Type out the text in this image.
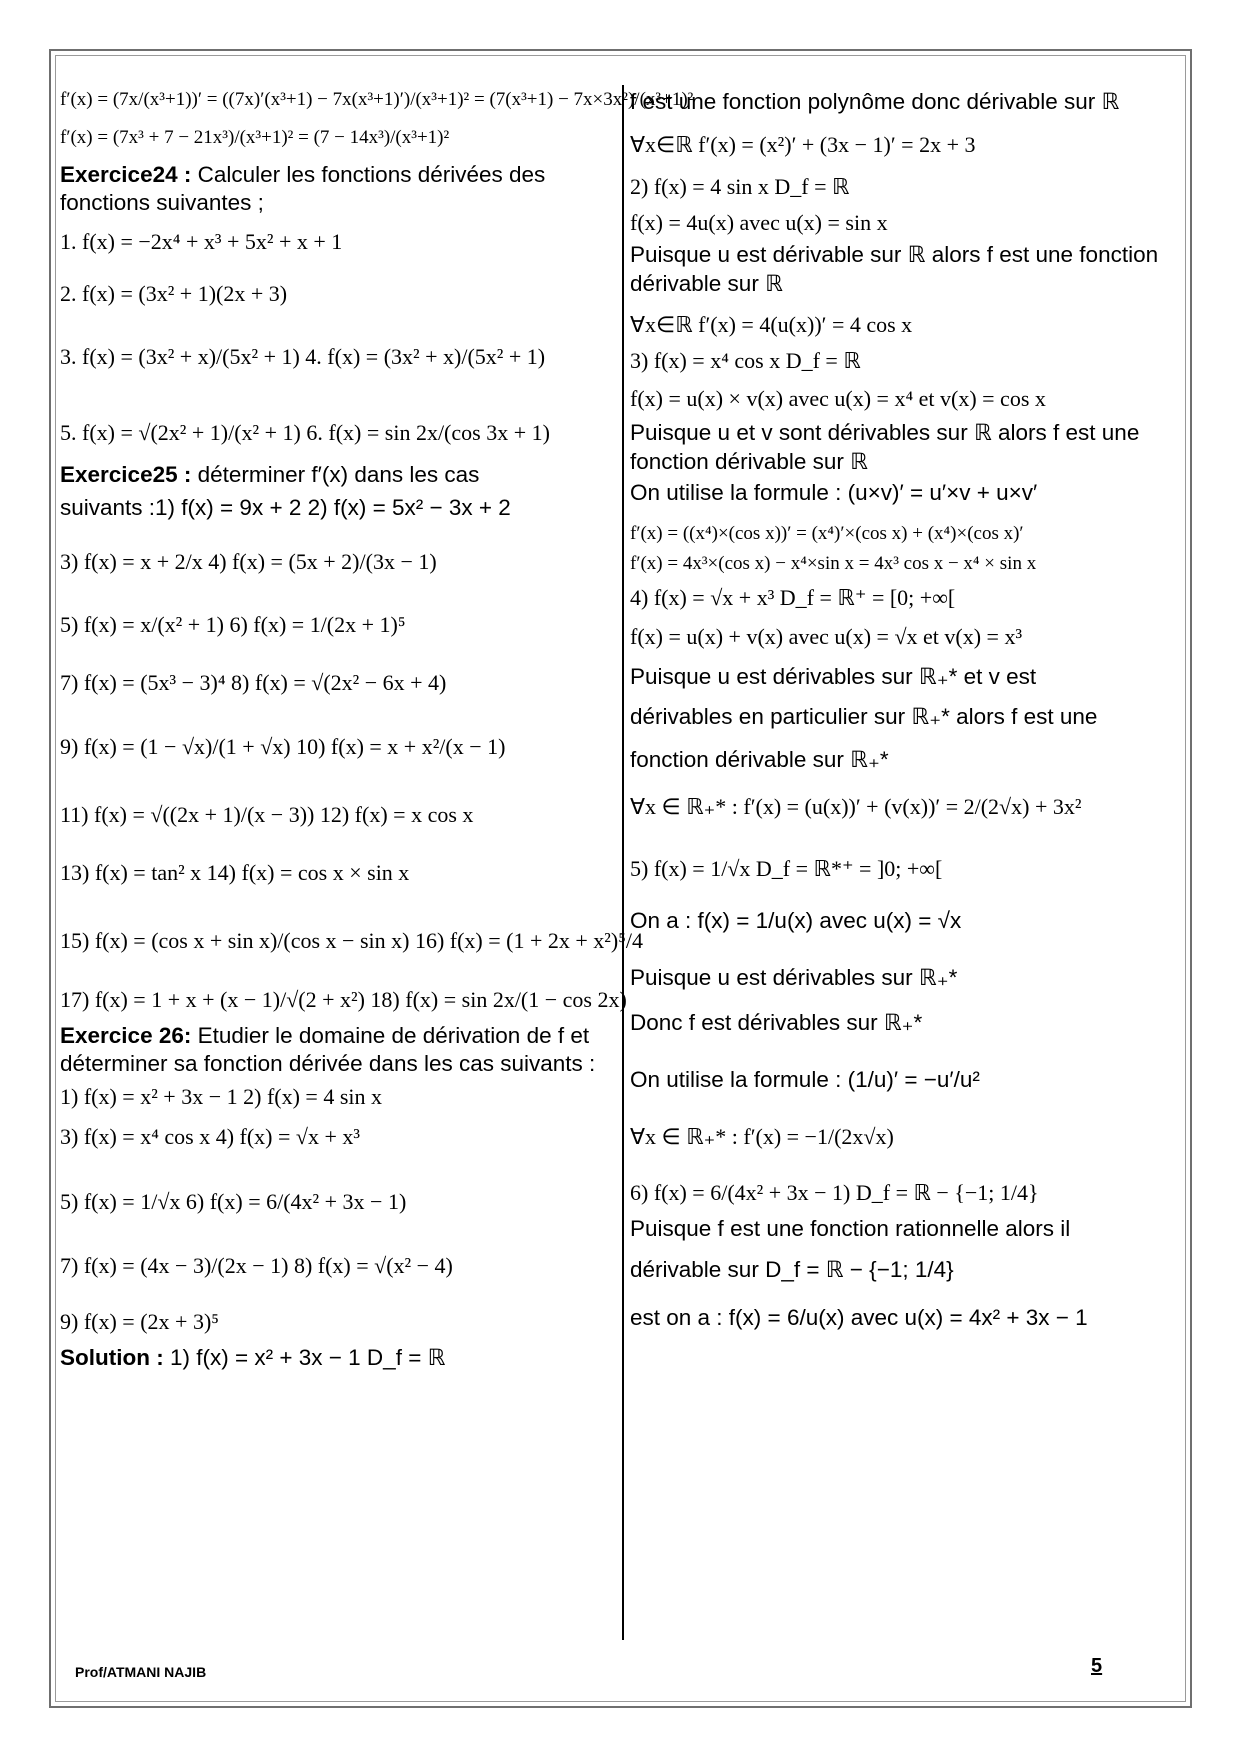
f′(x) = (7x/(x³+1))′ = ((7x)′(x³+1) − 7x(x³+1)′)/(x³+1)² = (7(x³+1) − 7x×3x²)/(x³+1)²
f′(x) = (7x³ + 7 − 21x³)/(x³+1)² = (7 − 14x³)/(x³+1)²
Exercice24 : Calculer les fonctions dérivées des fonctions suivantes ;
1. f(x) = −2x⁴ + x³ + 5x² + x + 1
2. f(x) = (3x² + 1)(2x + 3)
3. f(x) = (3x² + x)/(5x² + 1) 4. f(x) = (3x² + x)/(5x² + 1)
5. f(x) = √(2x² + 1)/(x² + 1) 6. f(x) = sin 2x/(cos 3x + 1)
Exercice25 : déterminer f′(x) dans les cas
suivants :1) f(x) = 9x + 2 2) f(x) = 5x² − 3x + 2
3) f(x) = x + 2/x 4) f(x) = (5x + 2)/(3x − 1)
5) f(x) = x/(x² + 1) 6) f(x) = 1/(2x + 1)⁵
7) f(x) = (5x³ − 3)⁴ 8) f(x) = √(2x² − 6x + 4)
9) f(x) = (1 − √x)/(1 + √x) 10) f(x) = x + x²/(x − 1)
11) f(x) = √((2x + 1)/(x − 3)) 12) f(x) = x cos x
13) f(x) = tan² x 14) f(x) = cos x × sin x
15) f(x) = (cos x + sin x)/(cos x − sin x) 16) f(x) = (1 + 2x + x²)⁵/4
17) f(x) = 1 + x + (x − 1)/√(2 + x²) 18) f(x) = sin 2x/(1 − cos 2x)
Exercice 26: Etudier le domaine de dérivation de f et déterminer sa fonction dérivée dans les cas suivants :
1) f(x) = x² + 3x − 1 2) f(x) = 4 sin x
3) f(x) = x⁴ cos x 4) f(x) = √x + x³
5) f(x) = 1/√x 6) f(x) = 6/(4x² + 3x − 1)
7) f(x) = (4x − 3)/(2x − 1) 8) f(x) = √(x² − 4)
9) f(x) = (2x + 3)⁵
Solution : 1) f(x) = x² + 3x − 1 D_f = ℝ
f est une fonction polynôme donc dérivable sur ℝ
∀x∈ℝ f′(x) = (x²)′ + (3x − 1)′ = 2x + 3
2) f(x) = 4 sin x D_f = ℝ
f(x) = 4u(x) avec u(x) = sin x
Puisque u est dérivable sur ℝ alors f est une fonction dérivable sur ℝ
∀x∈ℝ f′(x) = 4(u(x))′ = 4 cos x
3) f(x) = x⁴ cos x D_f = ℝ
f(x) = u(x) × v(x) avec u(x) = x⁴ et v(x) = cos x
Puisque u et v sont dérivables sur ℝ alors f est une fonction dérivable sur ℝ
On utilise la formule : (u×v)′ = u′×v + u×v′
f′(x) = ((x⁴)×(cos x))′ = (x⁴)′×(cos x) + (x⁴)×(cos x)′
f′(x) = 4x³×(cos x) − x⁴×sin x = 4x³ cos x − x⁴ × sin x
4) f(x) = √x + x³ D_f = ℝ⁺ = [0; +∞[
f(x) = u(x) + v(x) avec u(x) = √x et v(x) = x³
Puisque u est dérivables sur ℝ₊* et v est
dérivables en particulier sur ℝ₊* alors f est une
fonction dérivable sur ℝ₊*
∀x ∈ ℝ₊* : f′(x) = (u(x))′ + (v(x))′ = 2/(2√x) + 3x²
5) f(x) = 1/√x D_f = ℝ*⁺ = ]0; +∞[
On a : f(x) = 1/u(x) avec u(x) = √x
Puisque u est dérivables sur ℝ₊*
Donc f est dérivables sur ℝ₊*
On utilise la formule : (1/u)′ = −u′/u²
∀x ∈ ℝ₊* : f′(x) = −1/(2x√x)
6) f(x) = 6/(4x² + 3x − 1) D_f = ℝ − {−1; 1/4}
Puisque f est une fonction rationnelle alors il
dérivable sur D_f = ℝ − {−1; 1/4}
est on a : f(x) = 6/u(x) avec u(x) = 4x² + 3x − 1
Prof/ATMANI NAJIB	5
